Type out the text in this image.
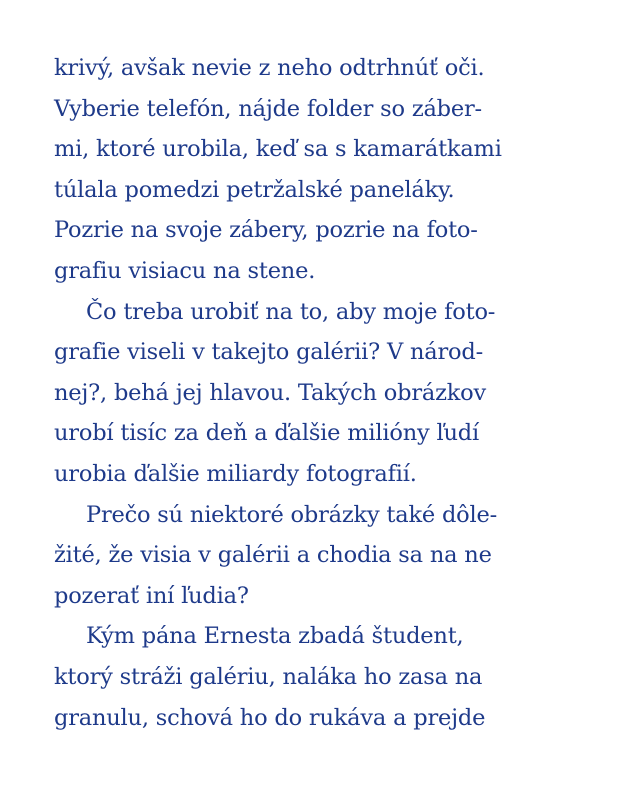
krivý, avšak nevie z neho odtrhnúť oči.
Vyberie telefón, nájde folder so záber-
mi, ktoré urobila, keď sa s kamarátkami
túlala pomedzi petržalské paneláky.
Pozrie na svoje zábery, pozrie na foto-
grafiu visiacu na stene.
Čo treba urobiť na to, aby moje foto-
grafie viseli v takejto galérii? V národ-
nej?, behá jej hlavou. Takých obrázkov
urobí tisíc za deň a ďalšie milióny ľudí
urobia ďalšie miliardy fotografií.
Prečo sú niektoré obrázky také dôle-
žité, že visia v galérii a chodia sa na ne
pozerať iní ľudia?
Kým pána Ernesta zbadá študent,
ktorý stráži galériu, naláka ho zasa na
granulu, schová ho do rukáva a prejde
